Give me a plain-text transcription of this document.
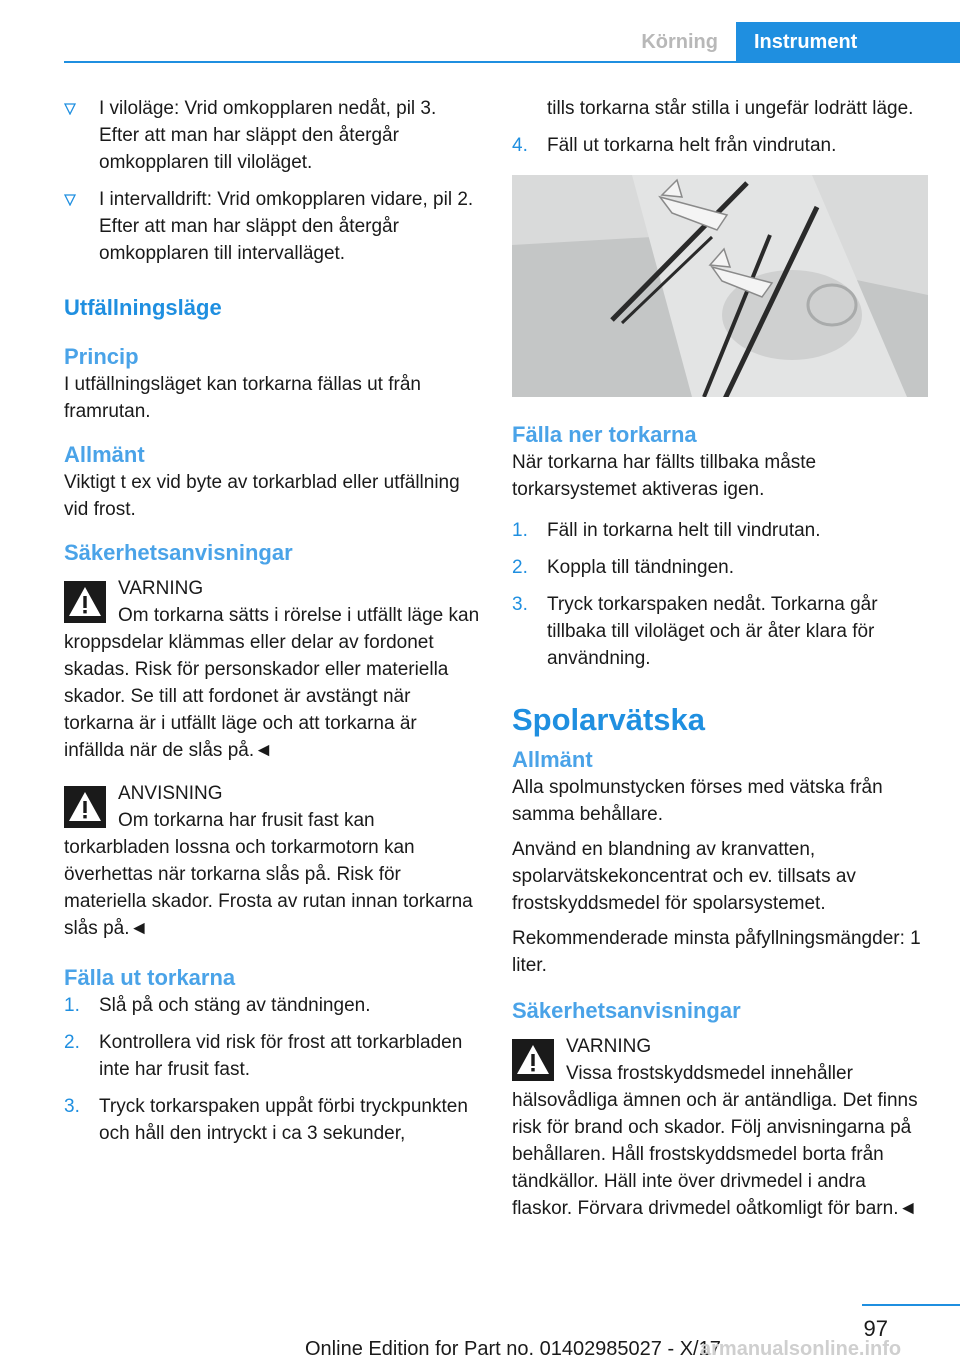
Körning	Instrument
I viloläge: Vrid omkopplaren nedåt, pil 3. Efter att man har släppt den återgår omkopplaren till viloläget.
I intervalldrift: Vrid omkopplaren vidare, pil 2. Efter att man har släppt den återgår omkopplaren till intervalläget.
Utfällningsläge
Princip

I utfällningsläget kan torkarna fällas ut från framrutan.

Allmänt

Viktigt t ex vid byte av torkarblad eller utfällning vid frost.

Säkerhetsanvisningar
VARNING
Om torkarna sätts i rörelse i utfällt läge kan kroppsdelar klämmas eller delar av fordonet skadas. Risk för personskador eller materiella skador. Se till att fordonet är avstängt när torkarna är i utfällt läge och att torkarna är infällda när de slås på.◄
ANVISNING
Om torkarna har frusit fast kan torkarbladen lossna och torkarmotorn kan överhettas när torkarna slås på. Risk för materiella skador. Frosta av rutan innan torkarna slås på.◄
Fälla ut torkarna
1. Slå på och stäng av tändningen.
2. Kontrollera vid risk för frost att torkarbladen inte har frusit fast.
3. Tryck torkarspaken uppåt förbi tryckpunkten och håll den intryckt i ca 3 sekunder,

tills torkarna står stilla i ungefär lodrätt läge.

4. Fäll ut torkarna helt från vindrutan.
Fälla ner torkarna

När torkarna har fällts tillbaka måste torkarsystemet aktiveras igen.

1. Fäll in torkarna helt till vindrutan.
2. Koppla till tändningen.
3. Tryck torkarspaken nedåt. Torkarna går tillbaka till viloläget och är åter klara för användning.
Spolarvätska
Allmänt

Alla spolmunstycken förses med vätska från samma behållare.

Använd en blandning av kranvatten, spolarvätskekoncentrat och ev. tillsats av frostskyddsmedel för spolarsystemet.

Rekommenderade minsta påfyllningsmängder: 1 liter.

Säkerhetsanvisningar
VARNING
Vissa frostskyddsmedel innehåller hälsovådliga ämnen och är antändliga. Det finns risk för brand och skador. Följ anvisningarna på behållaren. Håll frostskyddsmedel borta från tändkällor. Häll inte över drivmedel i andra flaskor. Förvara drivmedel oåtkomligt för barn.◄
97
Online Edition for Part no. 01402985027 - X/17
armanualsonline.info
